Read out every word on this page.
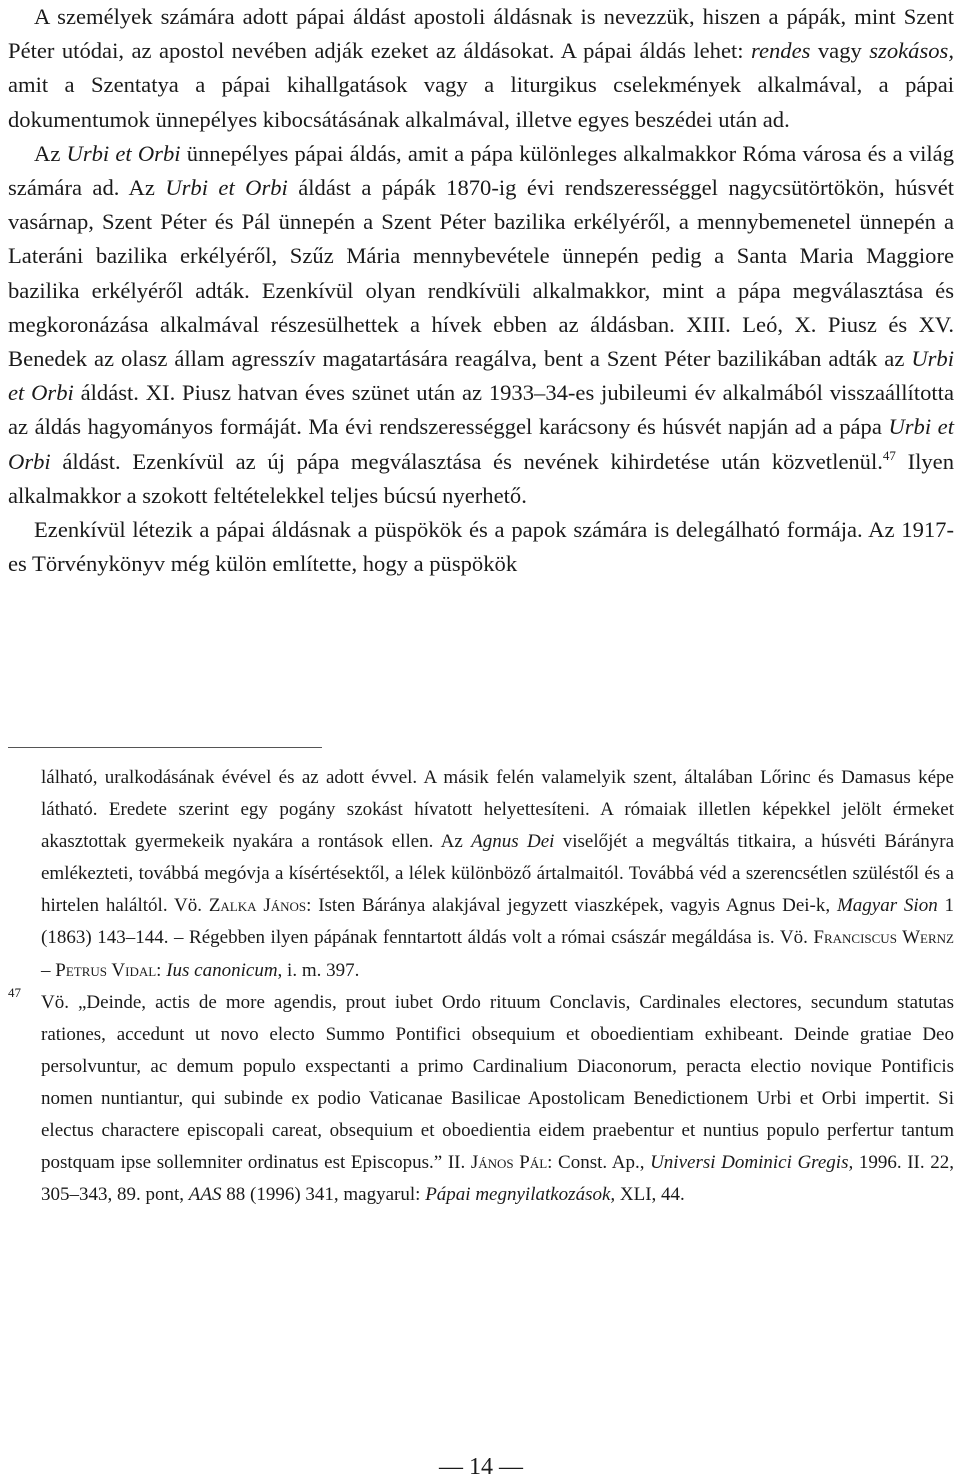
A személyek számára adott pápai áldást apostoli áldásnak is nevezzük, hiszen a pápák, mint Szent Péter utódai, az apostol nevében adják ezeket az áldásokat. A pápai áldás lehet: rendes vagy szokásos, amit a Szentatya a pápai kihallgatások vagy a liturgikus cselekmények alkalmával, a pápai dokumentumok ünnepélyes kibocsátásának alkalmával, illetve egyes beszédei után ad.

Az Urbi et Orbi ünnepélyes pápai áldás, amit a pápa különleges alkalmakkor Róma városa és a világ számára ad. Az Urbi et Orbi áldást a pápák 1870-ig évi rendszerességgel nagycsütörtökön, húsvét vasárnap, Szent Péter és Pál ünnepén a Szent Péter bazilika erkélyéről, a mennybemenetel ünnepén a Lateráni bazilika erkélyéről, Szűz Mária mennybevétele ünnepén pedig a Santa Maria Maggiore bazilika erkélyéről adták. Ezenkívül olyan rendkívüli alkalmakkor, mint a pápa megválasztása és megkoronázása alkalmával részesülhettek a hívek ebben az áldásban. XIII. Leó, X. Piusz és XV. Benedek az olasz állam agresszív magatartására reagálva, bent a Szent Péter bazilikában adták az Urbi et Orbi áldást. XI. Piusz hatvan éves szünet után az 1933–34-es jubileumi év alkalmából visszaállította az áldás hagyományos formáját. Ma évi rendszerességgel karácsony és húsvét napján ad a pápa Urbi et Orbi áldást. Ezenkívül az új pápa megválasztása és nevének kihirdetése után közvetlenül.$^{47}$ Ilyen alkalmakkor a szokott feltételekkel teljes búcsú nyerhető.

Ezenkívül létezik a pápai áldásnak a püspökök és a papok számára is delegálható formája. Az 1917-es Törvénykönyv még külön említette, hogy a püspökök

lálható, uralkodásának évével és az adott évvel. A másik felén valamelyik szent, általában Lőrinc és Damasus képe látható. Eredete szerint egy pogány szokást hívatott helyettesíteni. A rómaiak illetlen képekkel jelölt érmeket akasztottak gyermekeik nyakára a rontások ellen. Az Agnus Dei viselőjét a megváltás titkaira, a húsvéti Bárányra emlékezteti, továbbá megóvja a kísértésektől, a lélek különböző ártalmaitól. Továbbá véd a szerencsétlen szüléstől és a hirtelen haláltól. Vö. Zalka János: Isten Báránya alakjával jegyzett viaszképek, vagyis Agnus Dei-k, Magyar Sion 1 (1863) 143–144. – Régebben ilyen pápának fenntartott áldás volt a római császár megáldása is. Vö. Franciscus Wernz – Petrus Vidal: Ius canonicum, i. m. 397.
47 Vö. „Deinde, actis de more agendis, prout iubet Ordo rituum Conclavis, Cardinales electores, secundum statutas rationes, accedunt ut novo electo Summo Pontifici obsequium et oboedientiam exhibeant. Deinde gratiae Deo persolvuntur, ac demum populo exspectanti a primo Cardinalium Diaconorum, peracta electio novique Pontificis nomen nuntiantur, qui subinde ex podio Vaticanae Basilicae Apostolicam Benedictionem Urbi et Orbi impertit. Si electus charactere episcopali careat, obsequium et oboedientia eidem praebentur et nuntius populo perfertur tantum postquam ipse sollemniter ordinatus est Episcopus.” II. János Pál: Const. Ap., Universi Dominici Gregis, 1996. II. 22, 305–343, 89. pont, AAS 88 (1996) 341, magyarul: Pápai megnyilatkozások, XLI, 44.
— 14 —
